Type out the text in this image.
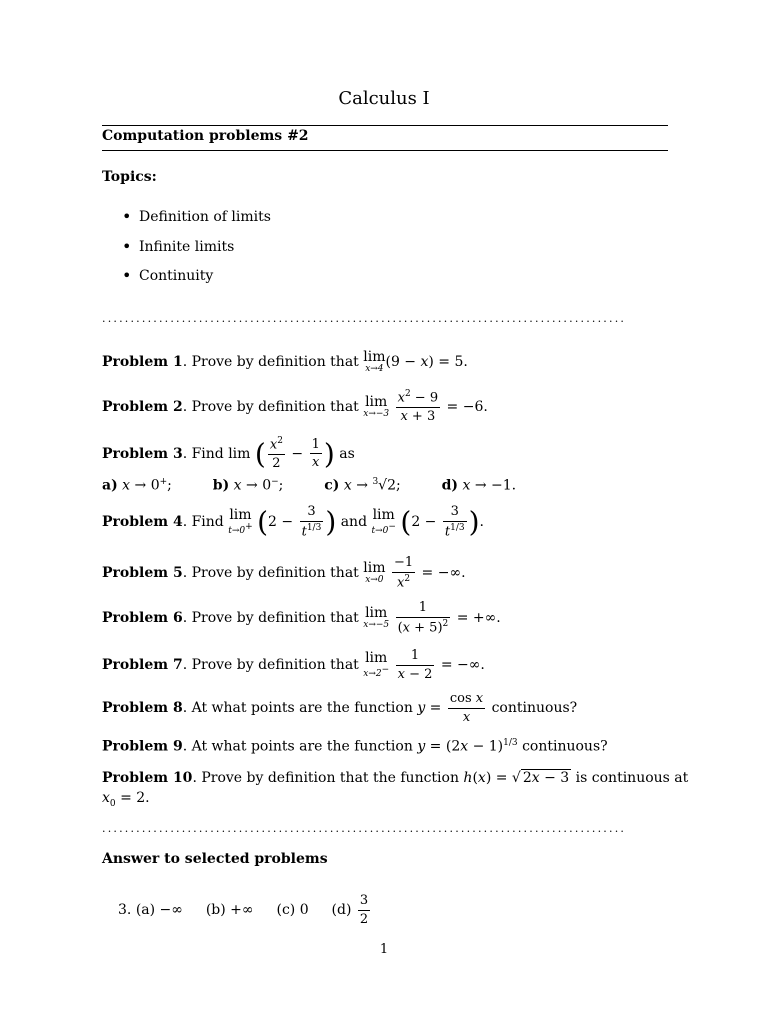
Calculus I
Computation problems #2
Topics:
• Definition of limits
• Infinite limits
• Continuity
............................................................................................
Problem 1. Prove by definition that lim
x→4 (9 − x) = 5.
Problem 2. Prove by definition that lim
x→−3
$\frac{x^2 - 9}{x + 3} = -6$.
Problem 3. Find lim ( $\frac{x^2}{2} - \frac{1}{x}$ ) as
a) x → 0+;	b) x → 0−;	c) x → $^3$√2;	d) x → −1.
Problem 4. Find lim
t→0+ ($2 - \frac{3}{t^{1/3}}$ ) and lim
t→0− ($2 - \frac{3}{t^{1/3}}$ ).
Problem 5. Prove by definition that lim
x→0
$\frac{-1}{x^2}$ = −∞.
Problem 6. Prove by definition that lim
x→−5
$\frac{1}{(x + 5)^2}$ = +∞.
Problem 7. Prove by definition that lim
x→2−
$\frac{1}{x - 2}$ = −∞.
Problem 8. At what points are the function $y = \frac{\text{cos x}}{x}$ continuous?
Problem 9. At what points are the function $y = (2x - 1)^{1/3}$ continuous?
Problem 10. Prove by definition that the function h(x) = √ 2x − 3 is continuous at
$x_0 = 2$.
............................................................................................
Answer to selected problems
3. (a) −∞ (b) +∞ (c) 0 $(d) \frac{3}{2}$
1
